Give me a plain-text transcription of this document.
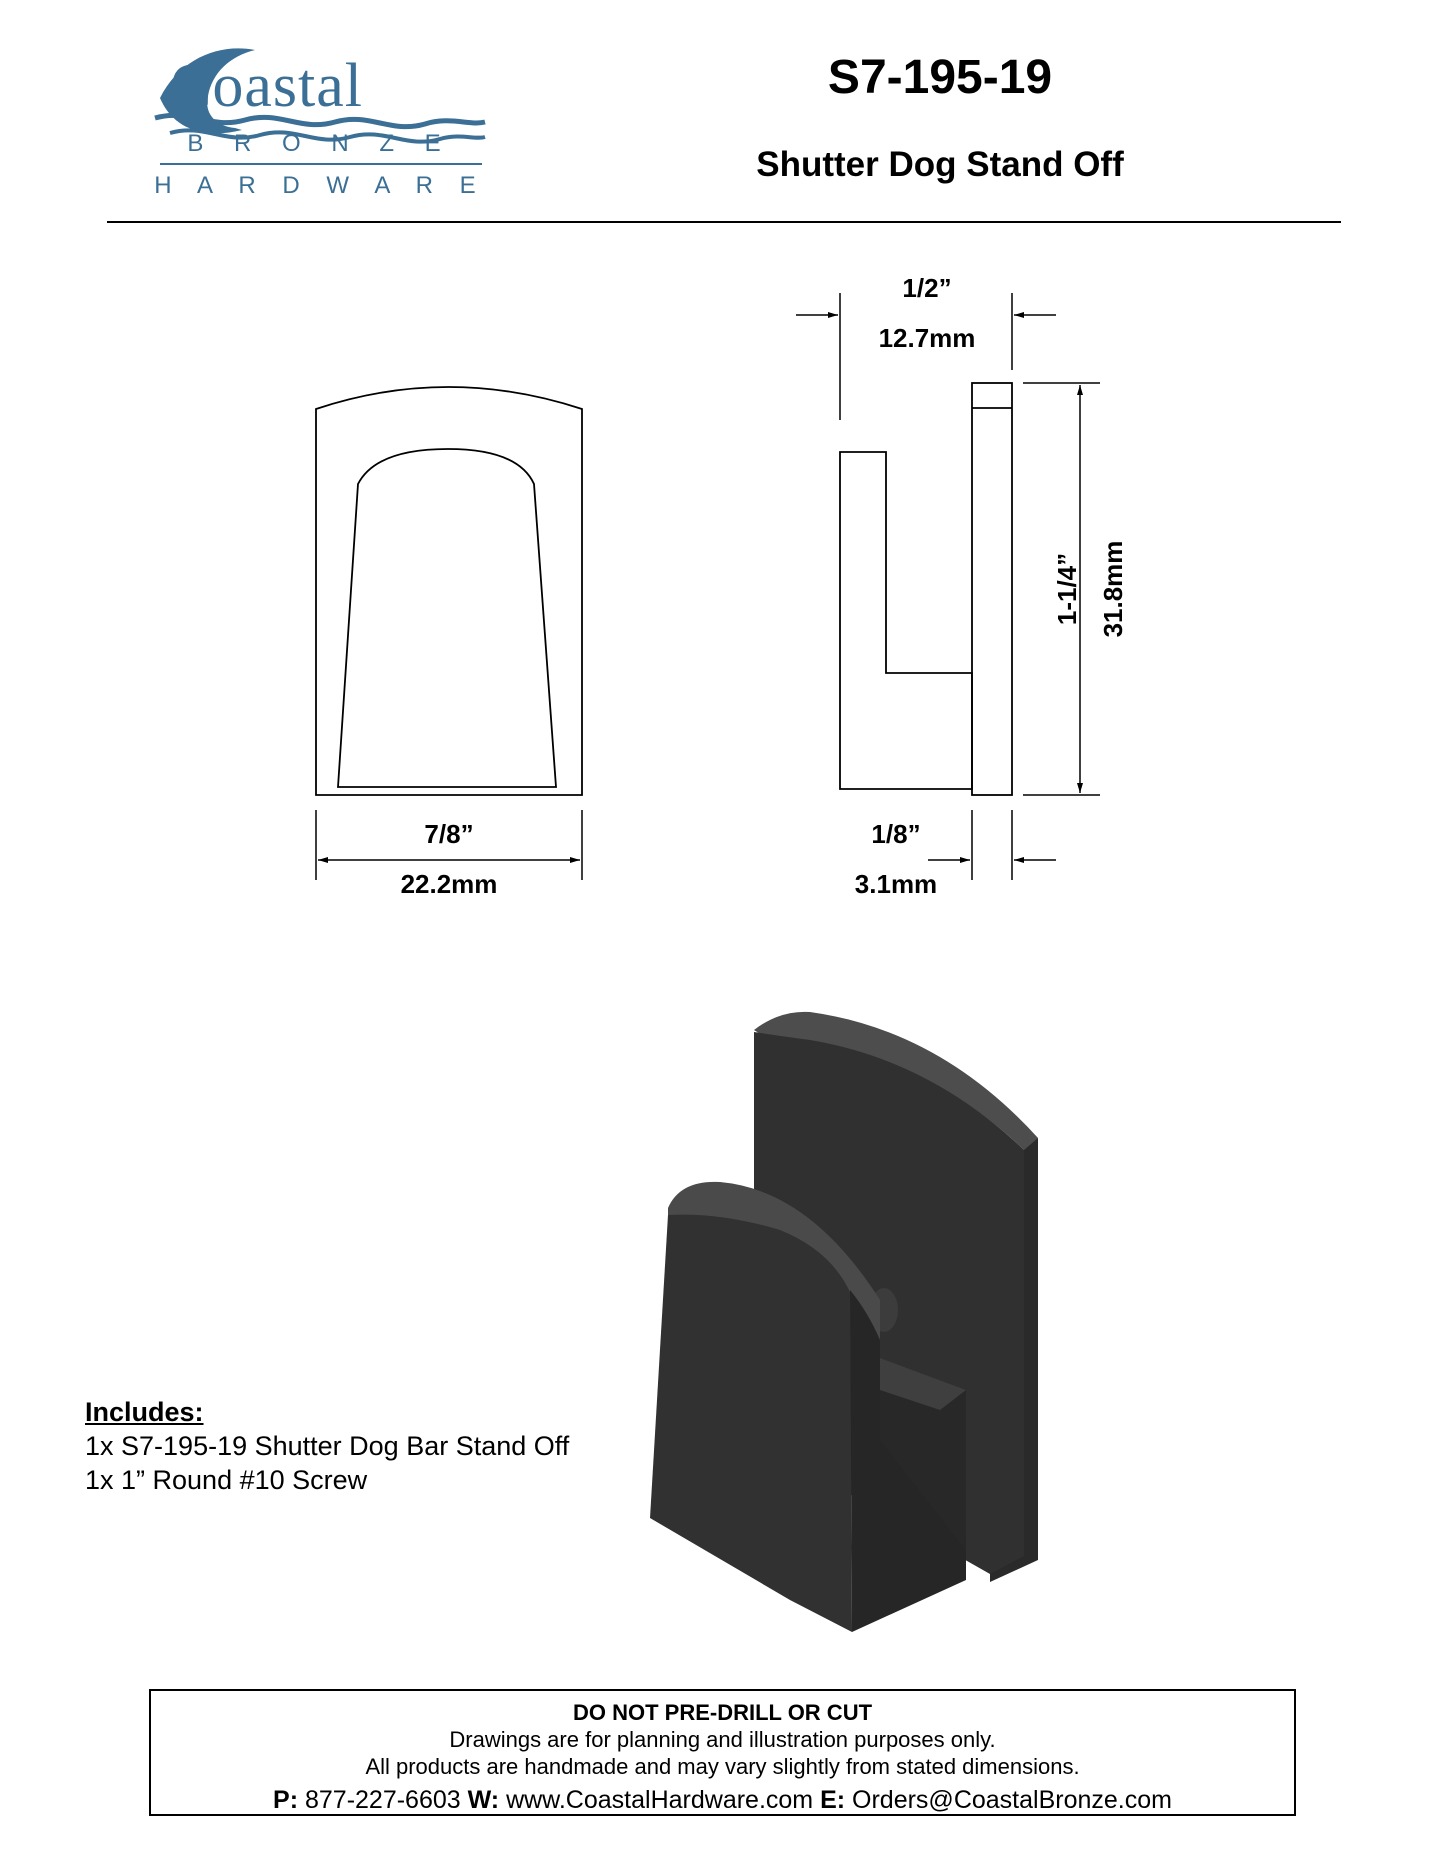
Coastal
B R O N Z E
H A R D W A R E
S7-195-19
Shutter Dog Stand Off
7/8”
22.2mm
1/2”
12.7mm
1-1/4” 31.8mm
1/8”
3.1mm
Includes:
1x S7-195-19 Shutter Dog Bar Stand Off
1x 1” Round #10 Screw
DO NOT PRE-DRILL OR CUT
Drawings are for planning and illustration purposes only.
All products are handmade and may vary slightly from stated dimensions.
P: 877-227-6603 W: www.CoastalHardware.com E: Orders@CoastalBronze.com
